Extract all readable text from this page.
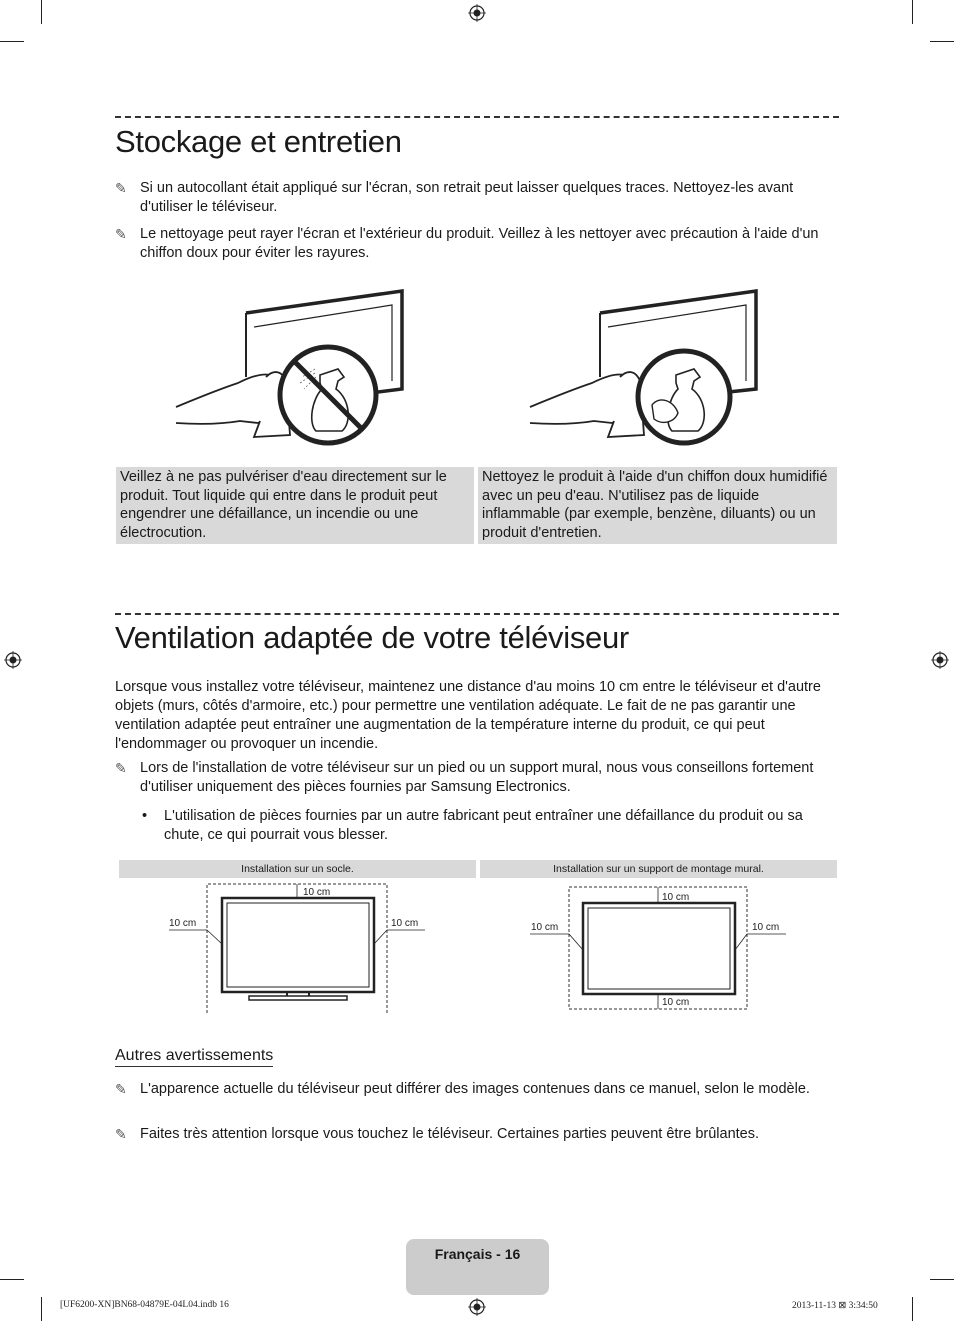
Stockage et entretien
✎ Si un autocollant était appliqué sur l'écran, son retrait peut laisser quelques traces. Nettoyez-les avant d'utiliser le téléviseur.
✎ Le nettoyage peut rayer l'écran et l'extérieur du produit. Veillez à les nettoyer avec précaution à l'aide d'un chiffon doux pour éviter les rayures.
Veillez à ne pas pulvériser d'eau directement sur le produit. Tout liquide qui entre dans le produit peut engendrer une défaillance, un incendie ou une électrocution.
Nettoyez le produit à l'aide d'un chiffon doux humidifié avec un peu d'eau. N'utilisez pas de liquide inflammable (par exemple, benzène, diluants) ou un produit d'entretien.
Ventilation adaptée de votre téléviseur
Lorsque vous installez votre téléviseur, maintenez une distance d'au moins 10 cm entre le téléviseur et d'autre objets (murs, côtés d'armoire, etc.) pour permettre une ventilation adéquate. Le fait de ne pas garantir une ventilation adaptée peut entraîner une augmentation de la température interne du produit, ce qui peut l'endommager ou provoquer un incendie.
✎ Lors de l'installation de votre téléviseur sur un pied ou un support mural, nous vous conseillons fortement d'utiliser uniquement des pièces fournies par Samsung Electronics.
• L'utilisation de pièces fournies par un autre fabricant peut entraîner une défaillance du produit ou sa chute, ce qui pourrait vous blesser.
Installation sur un socle.	Installation sur un support de montage mural.
10 cm
10 cm	10 cm
10 cm
10 cm
10 cm	10 cm
Autres avertissements
✎ L'apparence actuelle du téléviseur peut différer des images contenues dans ce manuel, selon le modèle.
✎ Faites très attention lorsque vous touchez le téléviseur. Certaines parties peuvent être brûlantes.
Français - 16
[UF6200-XN]BN68-04879E-04L04.indb 16	2013-11-13 ⊠ 3:34:50
